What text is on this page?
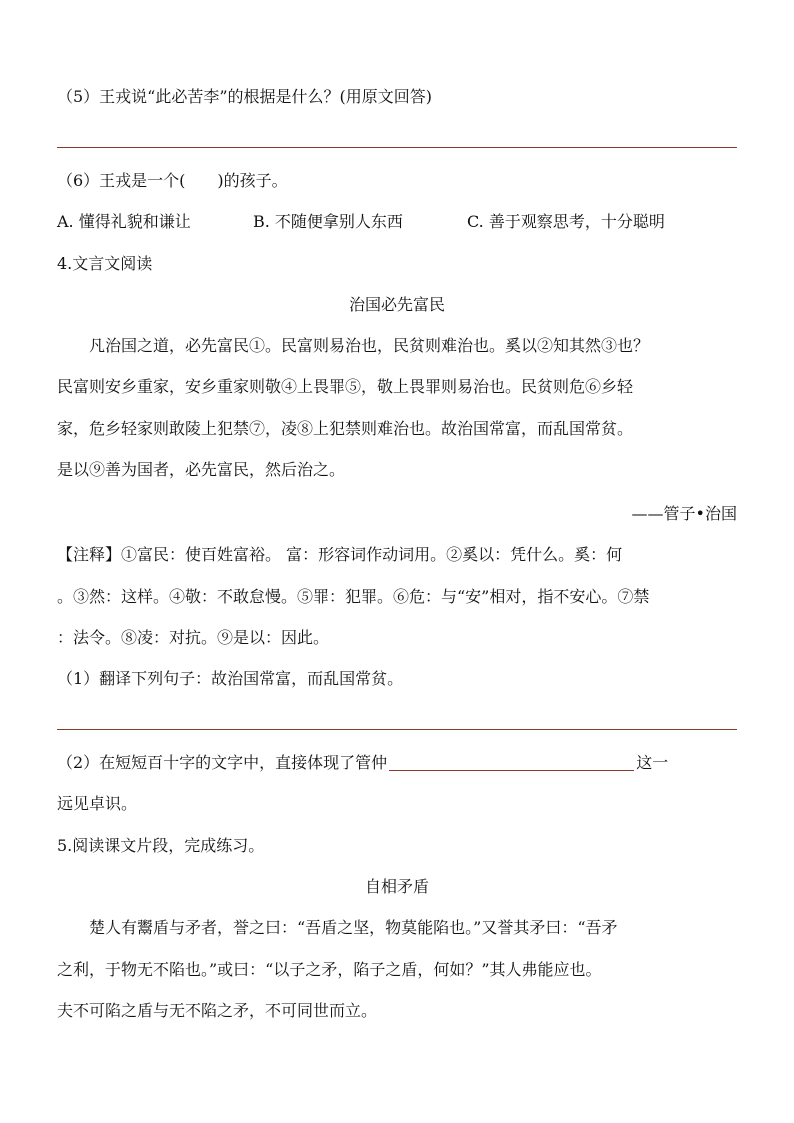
（5）王戎说“此必苦李”的根据是什么？(用原文回答)
（6）王戎是一个(　　)的孩子。
A. 懂得礼貌和谦让	B. 不随便拿别人东西	C. 善于观察思考，十分聪明
4.文言文阅读
治国必先富民
凡治国之道，必先富民①。民富则易治也，民贫则难治也。奚以②知其然③也？
民富则安乡重家，安乡重家则敬④上畏罪⑤，敬上畏罪则易治也。民贫则危⑥乡轻
家，危乡轻家则敢陵上犯禁⑦，凌⑧上犯禁则难治也。故治国常富，而乱国常贫。
是以⑨善为国者，必先富民，然后治之。
——管子•治国
【注释】①富民：使百姓富裕。 富：形容词作动词用。②奚以：凭什么。奚：何
。③然：这样。④敬：不敢怠慢。⑤罪：犯罪。⑥危：与“安”相对，指不安心。⑦禁
：法令。⑧凌：对抗。⑨是以：因此。
（1）翻译下列句子：故治国常富，而乱国常贫。
（2）在短短百十字的文字中，直接体现了管仲	这一
远见卓识。
5.阅读课文片段，完成练习。
自相矛盾
楚人有鬻盾与矛者，誉之曰：“吾盾之坚，物莫能陷也。”又誉其矛曰：“吾矛
之利，于物无不陷也。”或曰：“以子之矛，陷子之盾，何如？”其人弗能应也。
夫不可陷之盾与无不陷之矛，不可同世而立。
